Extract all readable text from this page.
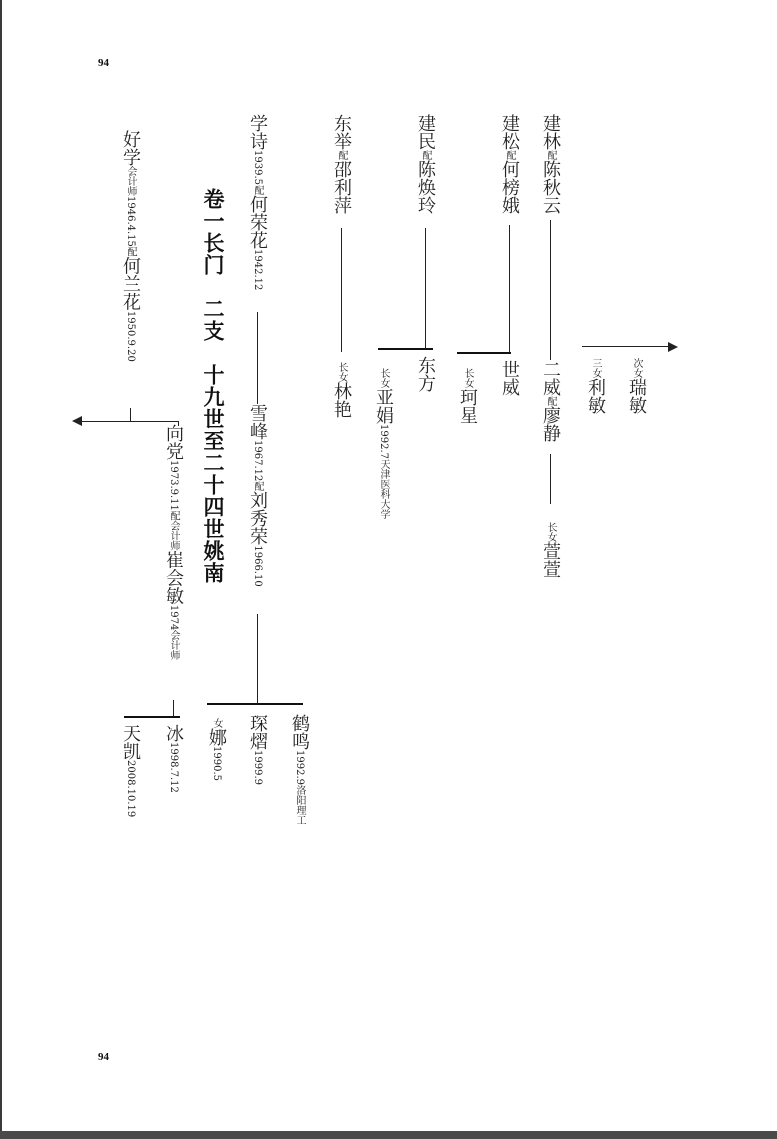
94
建林配陈秋云
建松配何榜娥
建民配陈焕玲
东举配邵利萍
学诗1939.5配何荣花1942.12
好学会计师1946.4.15配何兰花1950.9.20	卷一长门　二支　十九世至二十四世姚南	次女瑞敏
三女利敏
二威配廖静
长女萱萱
世威
长女珂星
东方
长女亚娟1992.7天津医科大学
长女林艳
雪峰1967.12配刘秀荣1966.10
鹤鸣1992.9洛阳理工
琛熠1999.9
女娜1990.5
向党1973.9.11配会计师崔会敏1974会计师
冰1998.7.12
天凯2008.10.19
94
